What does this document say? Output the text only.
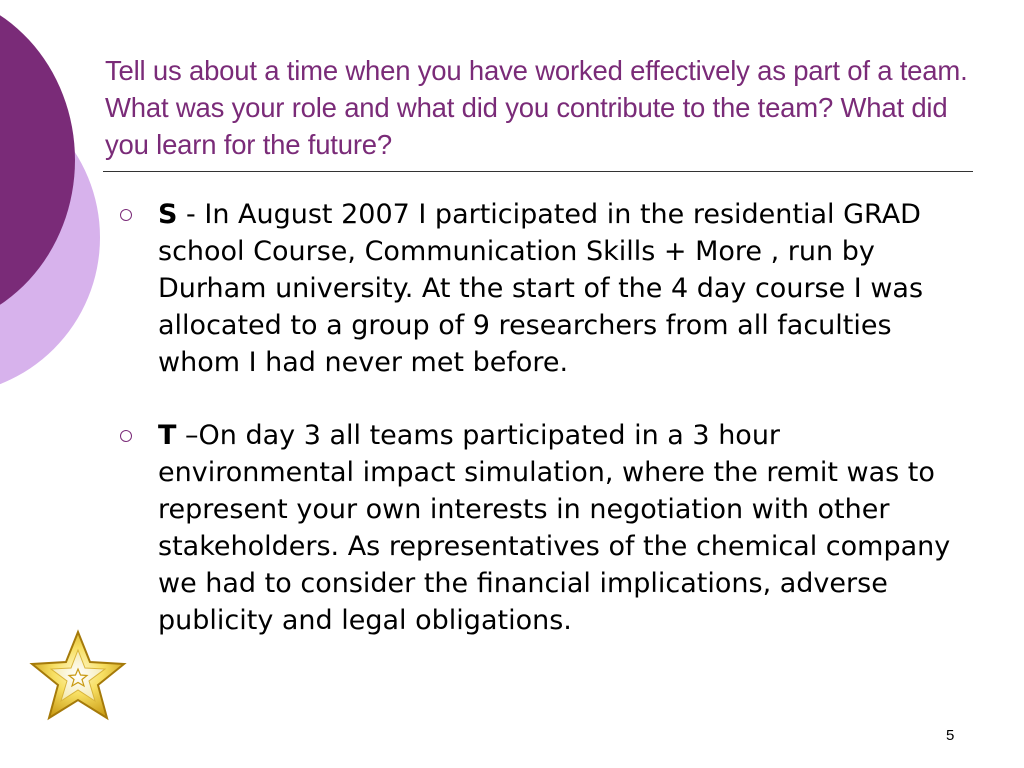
Tell us about a time when you have worked effectively as part of a team. What was your role and what did you contribute to the team? What did you learn for the future?
S - In August 2007 I participated in the residential GRAD school Course, Communication Skills + More , run by Durham university. At the start of the 4 day course I was allocated to a group of 9 researchers from all faculties whom I had never met before.
T –On day 3 all teams participated in a 3 hour environmental impact simulation, where the remit was to represent your own interests in negotiation with other stakeholders. As representatives of the chemical company we had to consider the financial implications, adverse publicity and legal obligations.
5
